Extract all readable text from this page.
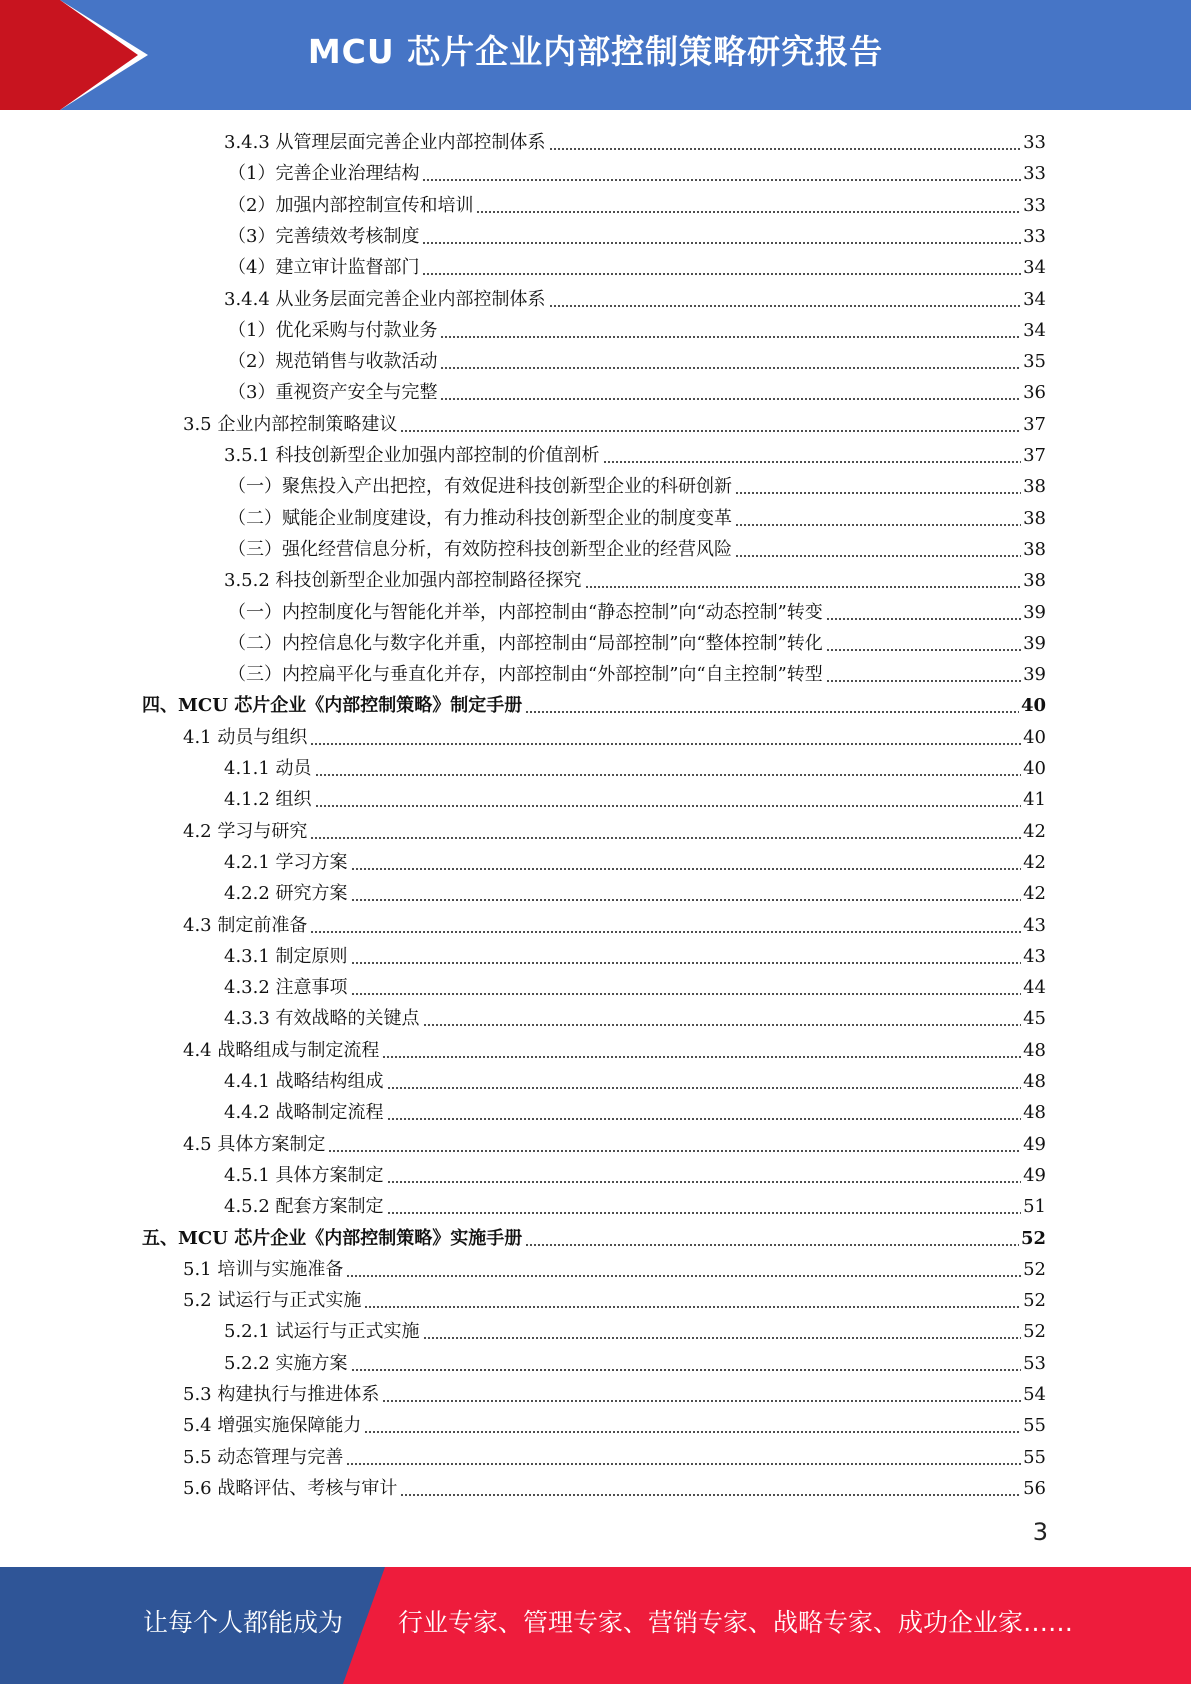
MCU 芯片企业内部控制策略研究报告
3.4.3 从管理层面完善企业内部控制体系	33
（1）完善企业治理结构	33
（2）加强内部控制宣传和培训	33
（3）完善绩效考核制度	33
（4）建立审计监督部门	34
3.4.4 从业务层面完善企业内部控制体系	34
（1）优化采购与付款业务	34
（2）规范销售与收款活动	35
（3）重视资产安全与完整	36
3.5 企业内部控制策略建议	37
3.5.1 科技创新型企业加强内部控制的价值剖析	37
（一）聚焦投入产出把控，有效促进科技创新型企业的科研创新	38
（二）赋能企业制度建设，有力推动科技创新型企业的制度变革	38
（三）强化经营信息分析，有效防控科技创新型企业的经营风险	38
3.5.2 科技创新型企业加强内部控制路径探究	38
（一）内控制度化与智能化并举，内部控制由“静态控制”向“动态控制”转变	39
（二）内控信息化与数字化并重，内部控制由“局部控制”向“整体控制”转化	39
（三）内控扁平化与垂直化并存，内部控制由“外部控制”向“自主控制”转型	39
四、MCU 芯片企业《内部控制策略》制定手册	40
4.1 动员与组织	40
4.1.1 动员	40
4.1.2 组织	41
4.2 学习与研究	42
4.2.1 学习方案	42
4.2.2 研究方案	42
4.3 制定前准备	43
4.3.1 制定原则	43
4.3.2 注意事项	44
4.3.3 有效战略的关键点	45
4.4 战略组成与制定流程	48
4.4.1 战略结构组成	48
4.4.2 战略制定流程	48
4.5 具体方案制定	49
4.5.1 具体方案制定	49
4.5.2 配套方案制定	51
五、MCU 芯片企业《内部控制策略》实施手册	52
5.1 培训与实施准备	52
5.2 试运行与正式实施	52
5.2.1 试运行与正式实施	52
5.2.2 实施方案	53
5.3 构建执行与推进体系	54
5.4 增强实施保障能力	55
5.5 动态管理与完善	55
5.6 战略评估、考核与审计	56
3
让每个人都能成为 行业专家、管理专家、营销专家、战略专家、成功企业家……
